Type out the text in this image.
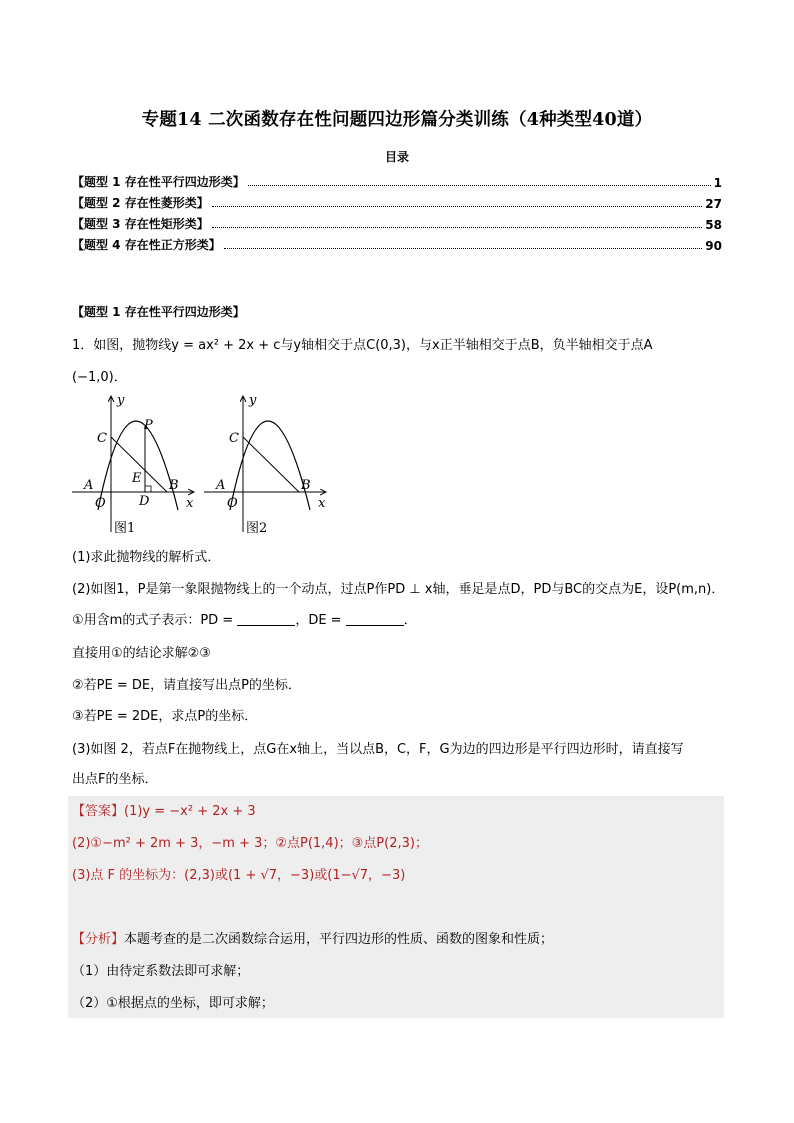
专题14 二次函数存在性问题四边形篇分类训练（4种类型40道）
目录
【题型 1 存在性平行四边形类】	1
【题型 2 存在性菱形类】	27
【题型 3 存在性矩形类】	58
【题型 4 存在性正方形类】	90
【题型 1 存在性平行四边形类】
1．如图，抛物线y = ax² + 2x + c与y轴相交于点C(0,3)，与x正半轴相交于点B，负半轴相交于点A
(−1,0)．
y
x
C
P
E
D
B
A
O
图1
y
x
C
B
A
O
图2
(1)求此抛物线的解析式．
(2)如图1，P是第一象限抛物线上的一个动点，过点P作PD ⊥ x轴，垂足是点D，PD与BC的交点为E，设P(m,n)．
①用含m的式子表示：PD =	，DE =	．
直接用①的结论求解②③
②若PE = DE，请直接写出点P的坐标．
③若PE = 2DE，求点P的坐标．
(3)如图 2，若点F在抛物线上，点G在x轴上，当以点B，C，F，G为边的四边形是平行四边形时，请直接写
出点F的坐标．
【答案】(1)y = −x² + 2x + 3
(2)①−m² + 2m + 3，−m + 3；②点P(1,4)；③点P(2,3)；
(3)点 F 的坐标为：(2,3)或(1 + √7，−3)或(1−√7，−3)
【分析】本题考查的是二次函数综合运用，平行四边形的性质、函数的图象和性质；
（1）由待定系数法即可求解；
（2）①根据点的坐标，即可求解；
